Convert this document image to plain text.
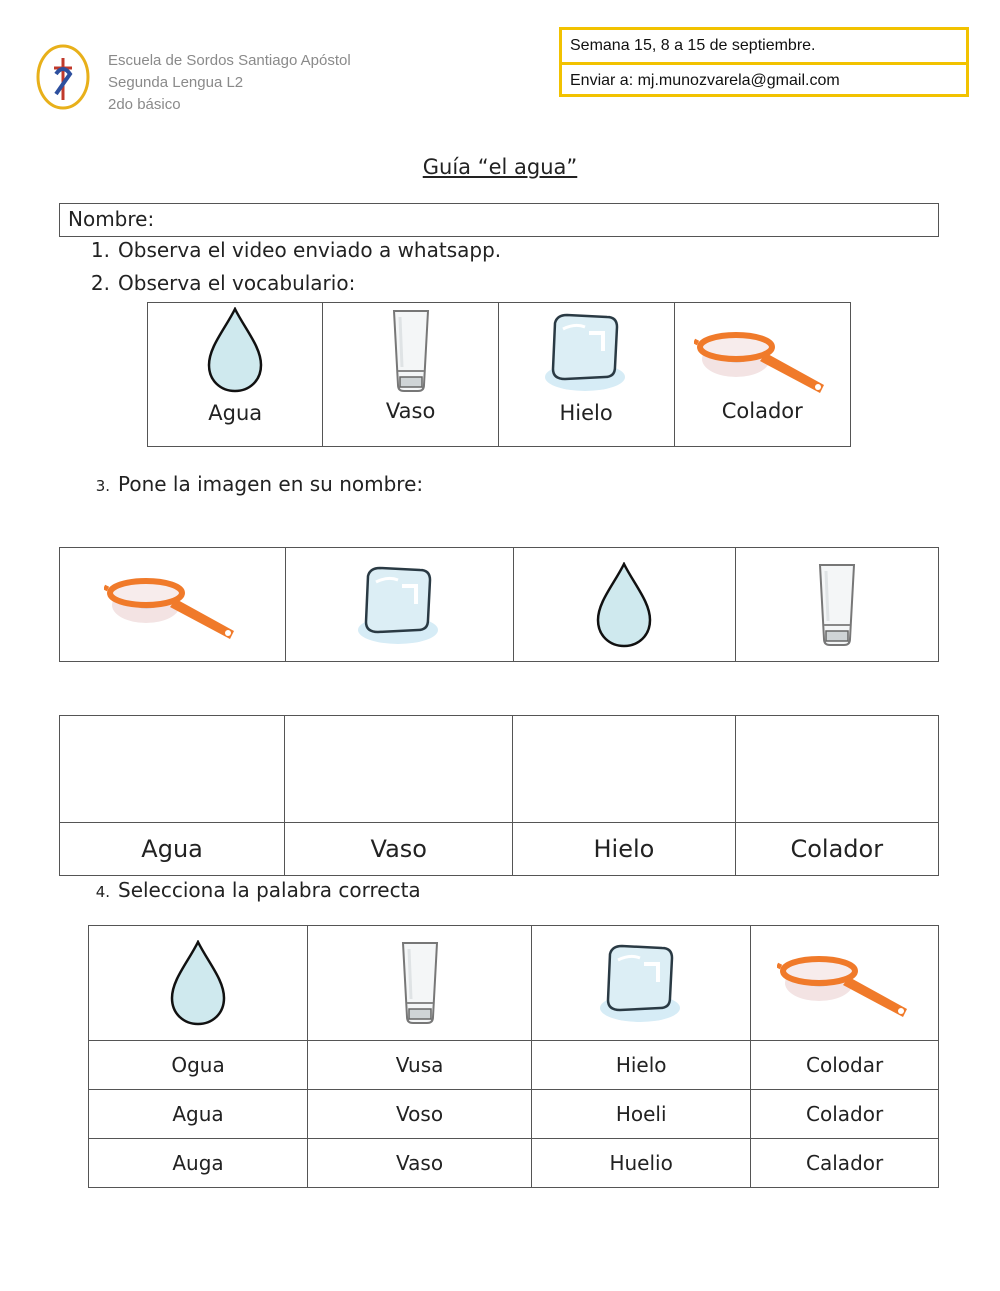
Escuela de Sordos Santiago Apóstol
Segunda Lengua L2
2do básico
Semana 15, 8 a 15 de septiembre.
Enviar a: mj.munozvarela@gmail.com
Guía “el agua”
Nombre:
1. Observa el video enviado a whatsapp.
2. Observa el vocabulario:
Agua	Vaso	Hielo	Colador
3. Pone la imagen en su nombre:

Agua	Vaso	Hielo	Colador
4. Selecciona la palabra correcta

Ogua	Vusa	Hielo	Colodar
Agua	Voso	Hoeli	Colador
Auga	Vaso	Huelio	Calador
